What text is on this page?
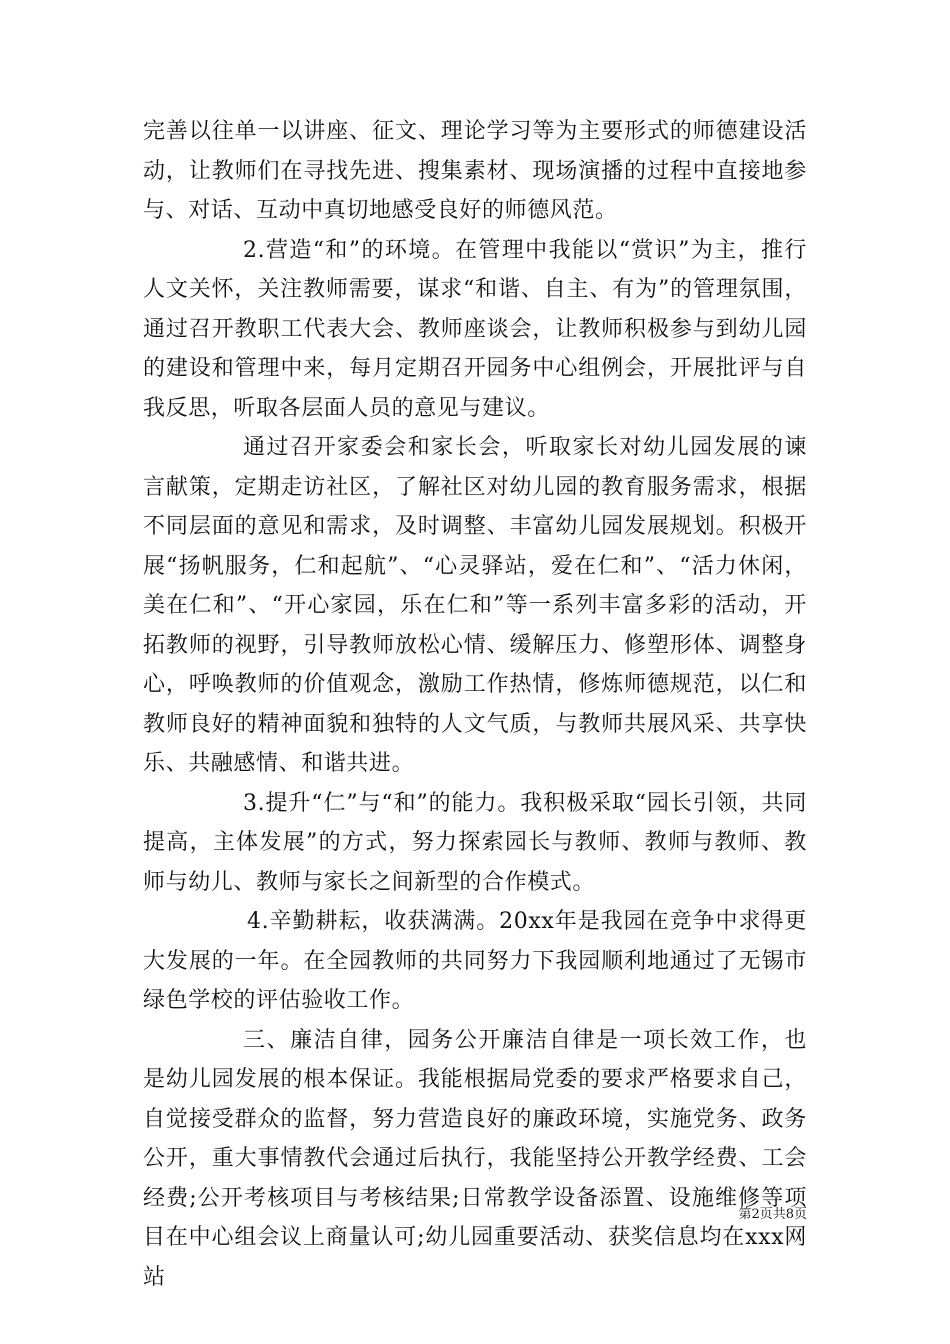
完善以往单一以讲座、征文、理论学习等为主要形式的师德建设活动，让教师们在寻找先进、搜集素材、现场演播的过程中直接地参与、对话、互动中真切地感受良好的师德风范。

2.营造“和”的环境。在管理中我能以“赏识”为主，推行人文关怀，关注教师需要，谋求“和谐、自主、有为”的管理氛围，通过召开教职工代表大会、教师座谈会，让教师积极参与到幼儿园的建设和管理中来，每月定期召开园务中心组例会，开展批评与自我反思，听取各层面人员的意见与建议。

通过召开家委会和家长会，听取家长对幼儿园发展的谏言献策，定期走访社区，了解社区对幼儿园的教育服务需求，根据不同层面的意见和需求，及时调整、丰富幼儿园发展规划。积极开展“扬帆服务，仁和起航”、“心灵驿站，爱在仁和”、“活力休闲，美在仁和”、“开心家园，乐在仁和”等一系列丰富多彩的活动，开拓教师的视野，引导教师放松心情、缓解压力、修塑形体、调整身心，呼唤教师的价值观念，激励工作热情，修炼师德规范，以仁和教师良好的精神面貌和独特的人文气质，与教师共展风采、共享快乐、共融感情、和谐共进。

3.提升“仁”与“和”的能力。我积极采取“园长引领，共同提高，主体发展”的方式，努力探索园长与教师、教师与教师、教师与幼儿、教师与家长之间新型的合作模式。

4.辛勤耕耘，收获满满。20xx年是我园在竞争中求得更大发展的一年。在全园教师的共同努力下我园顺利地通过了无锡市绿色学校的评估验收工作。

三、廉洁自律，园务公开廉洁自律是一项长效工作，也是幼儿园发展的根本保证。我能根据局党委的要求严格要求自己，自觉接受群众的监督，努力营造良好的廉政环境，实施党务、政务公开，重大事情教代会通过后执行，我能坚持公开教学经费、工会经费;公开考核项目与考核结果;日常教学设备添置、设施维修等项目在中心组会议上商量认可;幼儿园重要活动、获奖信息均在xxx网站

第2页共8页
